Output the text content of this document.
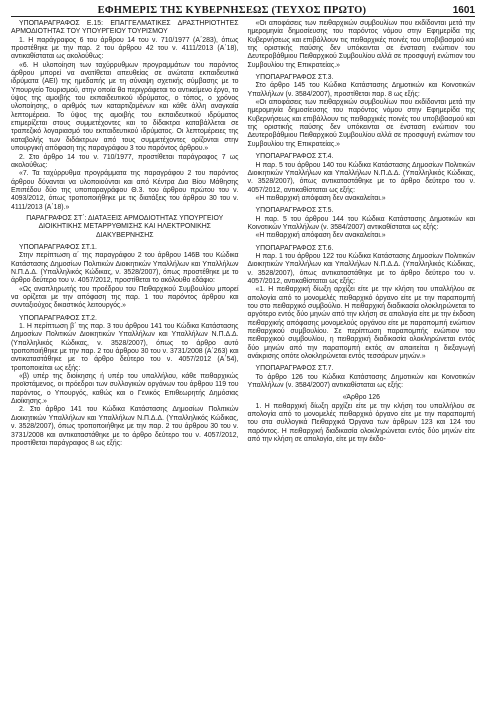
ΕΦΗΜΕΡΙΣ ΤΗΣ ΚΥΒΕΡΝΗΣΕΩΣ (ΤΕΥΧΟΣ ΠΡΩΤΟ)	1601

ΥΠΟΠΑΡΑΓΡΑΦΟΣ Ε.15: ΕΠΑΓΓΕΛΜΑΤΙΚΕΣ ΔΡΑΣΤΗΡΙΟΤΗΤΕΣ ΑΡΜΟΔΙΟΤΗΤΑΣ ΤΟΥ ΥΠΟΥΡΓΕΙΟΥ ΤΟΥΡΙΣΜΟΥ

1. Η παράγραφος 6 του άρθρου 14 του ν. 710/1977 (Α΄283), όπως προστέθηκε με την παρ. 2 του άρθρου 42 του ν. 4111/2013 (Α΄18), αντικαθίσταται ως ακολούθως:

«6. Η υλοποίηση των ταχύρρυθμων προγραμμάτων του παρόντος άρθρου μπορεί να ανατίθεται απευθείας σε ανώτατα εκπαιδευτικά ιδρύματα (ΑΕΙ) της ημεδαπής με τη σύναψη σχετικής σύμβασης με το Υπουργείο Τουρισμού, στην οποία θα περιγράφεται το αντικείμενο έργο, το ύψος της αμοιβής του εκπαιδευτικού ιδρύματος, ο τόπος, ο χρόνος υλοποίησης, ο αριθμός των καταρτιζομένων και κάθε άλλη αναγκαία λεπτομέρεια. Το ύψος της αμοιβής του εκπαιδευτικού ιδρύματος επιμερίζεται στους συμμετέχοντες και το δίδακτρα καταβάλλεται σε τραπεζικό λογαριασμό του εκπαιδευτικού ιδρύματος. Οι λεπτομέρειες της καταβολής των διδάκτρων από τους συμμετέχοντες ορίζονται στην υπουργική απόφαση της παραγράφου 3 του παρόντος άρθρου.»

2. Στο άρθρο 14 του ν. 710/1977, προστίθεται παράγραφος 7 ως ακολούθως:

«7. Τα ταχύρρυθμα προγράμματα της παραγράφου 2 του παρόντος άρθρου δύνανται να υλοποιούνται και από Κέντρα Δια Βίου Μάθησης Επιπέδου δύο της υποπαραγράφου Θ.3. του άρθρου πρώτου του ν. 4093/2012, όπως τροποποιήθηκε με τις διατάξεις του άρθρου 30 του ν. 4111/2013 (Α΄18).»

ΠΑΡΑΓΡΑΦΟΣ ΣΤ΄: ΔΙΑΤΑΞΕΙΣ ΑΡΜΟΔΙΟΤΗΤΑΣ ΥΠΟΥΡΓΕΙΟΥ ΔΙΟΙΚΗΤΙΚΗΣ ΜΕΤΑΡΡΥΘΜΙΣΗΣ ΚΑΙ ΗΛΕΚΤΡΟΝΙΚΗΣ ΔΙΑΚΥΒΕΡΝΗΣΗΣ

ΥΠΟΠΑΡΑΓΡΑΦΟΣ ΣΤ.1.

Στην περίπτωση α΄ της παραγράφου 2 του άρθρου 146Β του Κώδικα Κατάστασης Δημοσίων Πολιτικών Διοικητικών Υπαλλήλων και Υπαλλήλων Ν.Π.Δ.Δ. (Υπαλληλικός Κώδικας, ν. 3528/2007), όπως προστέθηκε με το άρθρο δεύτερο του ν. 4057/2012, προστίθεται το ακόλουθο εδάφιο:

«Ως αναπληρωτής του προέδρου του Πειθαρχικού Συμβουλίου μπορεί να ορίζεται με την απόφαση της παρ. 1 του παρόντος άρθρου και συνταξιούχος δικαστικός λειτουργός.»

ΥΠΟΠΑΡΑΓΡΑΦΟΣ ΣΤ.2.

1. Η περίπτωση β΄ της παρ. 3 του άρθρου 141 του Κώδικα Κατάστασης Δημοσίων Πολιτικών Διοικητικών Υπαλλήλων και Υπαλλήλων Ν.Π.Δ.Δ. (Υπαλληλικός Κώδικας, ν. 3528/2007), όπως το άρθρο αυτό τροποποιήθηκε με την παρ. 2 του άρθρου 30 του ν. 3731/2008 (Α΄263) και αντικαταστάθηκε με το άρθρο δεύτερο του ν. 4057/2012 (Α΄54), τροποποιείται ως εξής:

«β) υπέρ της διοίκησης ή υπέρ του υπαλλήλου, κάθε πειθαρχικώς προϊστάμενος, οι πρόεδροι των συλλογικών οργάνων του άρθρου 119 του παρόντος, ο Υπουργός, καθώς και ο Γενικός Επιθεωρητής Δημόσιας Διοίκησης.»

2. Στο άρθρο 141 του Κώδικα Κατάστασης Δημοσίων Πολιτικών Διοικητικών Υπαλλήλων και Υπαλλήλων Ν.Π.Δ.Δ. (Υπαλληλικός Κώδικας, ν. 3528/2007), όπως τροποποιήθηκε με την παρ. 2 του άρθρου 30 του ν. 3731/2008 και αντικαταστάθηκε με το άρθρο δεύτερο του ν. 4057/2012, προστίθεται παράγραφος 8 ως εξής:

«Οι αποφάσεις των πειθαρχικών συμβουλίων που εκδίδονται μετά την ημερομηνία δημοσίευσης του παρόντος νόμου στην Εφημερίδα της Κυβερνήσεως και επιβάλλουν τις πειθαρχικές ποινές του υποβιβασμού και της οριστικής παύσης δεν υπόκεινται σε ένσταση ενώπιον του Δευτεροβάθμιου Πειθαρχικού Συμβουλίου αλλά σε προσφυγή ενώπιον του Συμβουλίου της Επικρατείας.»

ΥΠΟΠΑΡΑΓΡΑΦΟΣ ΣΤ.3.

Στο άρθρο 145 του Κώδικα Κατάστασης Δημοτικών και Κοινοτικών Υπαλλήλων (ν. 3584/2007), προστίθεται παρ. 8 ως εξής:

«Οι αποφάσεις των πειθαρχικών συμβουλίων που εκδίδονται μετά την ημερομηνία δημοσίευσης του παρόντος νόμου στην Εφημερίδα της Κυβερνήσεως και επιβάλλουν τις πειθαρχικές ποινές του υποβιβασμού και της οριστικής παύσης δεν υπόκεινται σε ένσταση ενώπιον του Δευτεροβάθμιου Πειθαρχικού Συμβουλίου αλλά σε προσφυγή ενώπιον του Συμβουλίου της Επικρατείας.»

ΥΠΟΠΑΡΑΓΡΑΦΟΣ ΣΤ.4.

Η παρ. 5 του άρθρου 140 του Κώδικα Κατάστασης Δημοσίων Πολιτικών Διοικητικών Υπαλλήλων και Υπαλλήλων Ν.Π.Δ.Δ. (Υπαλληλικός Κώδικας, ν. 3528/2007), όπως αντικαταστάθηκε με το άρθρο δεύτερο του ν. 4057/2012, αντικαθίσταται ως εξής:

«Η πειθαρχική απόφαση δεν ανακαλείται.»

ΥΠΟΠΑΡΑΓΡΑΦΟΣ ΣΤ.5.

Η παρ. 5 του άρθρου 144 του Κώδικα Κατάστασης Δημοτικών και Κοινοτικών Υπαλλήλων (ν. 3584/2007) αντικαθίσταται ως εξής:

«Η πειθαρχική απόφαση δεν ανακαλείται.»

ΥΠΟΠΑΡΑΓΡΑΦΟΣ ΣΤ.6.

Η παρ. 1 του άρθρου 122 του Κώδικα Κατάστασης Δημοσίων Πολιτικών Διοικητικών Υπαλλήλων και Υπαλλήλων Ν.Π.Δ.Δ. (Υπαλληλικός Κώδικας, ν. 3528/2007), όπως αντικαταστάθηκε με το άρθρο δεύτερο του ν. 4057/2012, αντικαθίσταται ως εξής:

«1. Η πειθαρχική δίωξη αρχίζει είτε με την κλήση του υπαλλήλου σε απολογία από το μονομελές πειθαρχικό όργανο είτε με την παραπομπή του στο πειθαρχικό συμβούλιο. Η πειθαρχική διαδικασία ολοκληρώνεται το αργότερο εντός δύο μηνών από την κλήση σε απολογία είτε με την έκδοση πειθαρχικής απόφασης μονομελούς οργάνου είτε με παραπομπή ενώπιον πειθαρχικού συμβουλίου. Σε περίπτωση παραπομπής ενώπιον του πειθαρχικού συμβουλίου, η πειθαρχική διαδικασία ολοκληρώνεται εντός δύο μηνών από την παραπομπή εκτός αν απαιτείται η διεξαγωγή ανάκρισης οπότε ολοκληρώνεται εντός τεσσάρων μηνών.»

ΥΠΟΠΑΡΑΓΡΑΦΟΣ ΣΤ.7.

Το άρθρο 126 του Κώδικα Κατάστασης Δημοτικών και Κοινοτικών Υπαλλήλων (ν. 3584/2007) αντικαθίσταται ως εξής:

«Άρθρο 126

1. Η πειθαρχική δίωξη αρχίζει είτε με την κλήση του υπαλλήλου σε απολογία από το μονομελές πειθαρχικό όργανο είτε με την παραπομπή του στα συλλογικά Πειθαρχικά Όργανα των άρθρων 123 και 124 του παρόντος. Η πειθαρχική διαδικασία ολοκληρώνεται εντός δύο μηνών είτε από την κλήση σε απολογία, είτε με την έκδο-
